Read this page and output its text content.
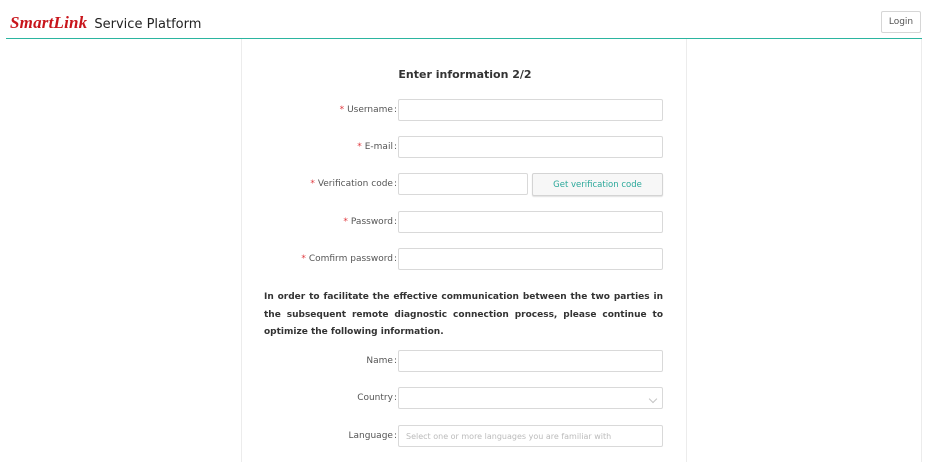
SmartLink Service Platform	Login
Enter information 2/2
* Username :
* E-mail :
* Verification code :	Get verification code
* Password :
* Comfirm password :
In order to facilitate the effective communication between the two parties in the subsequent remote diagnostic connection process, please continue to optimize the following information.
Name :
Country :
Language : Select one or more languages you are familiar with
